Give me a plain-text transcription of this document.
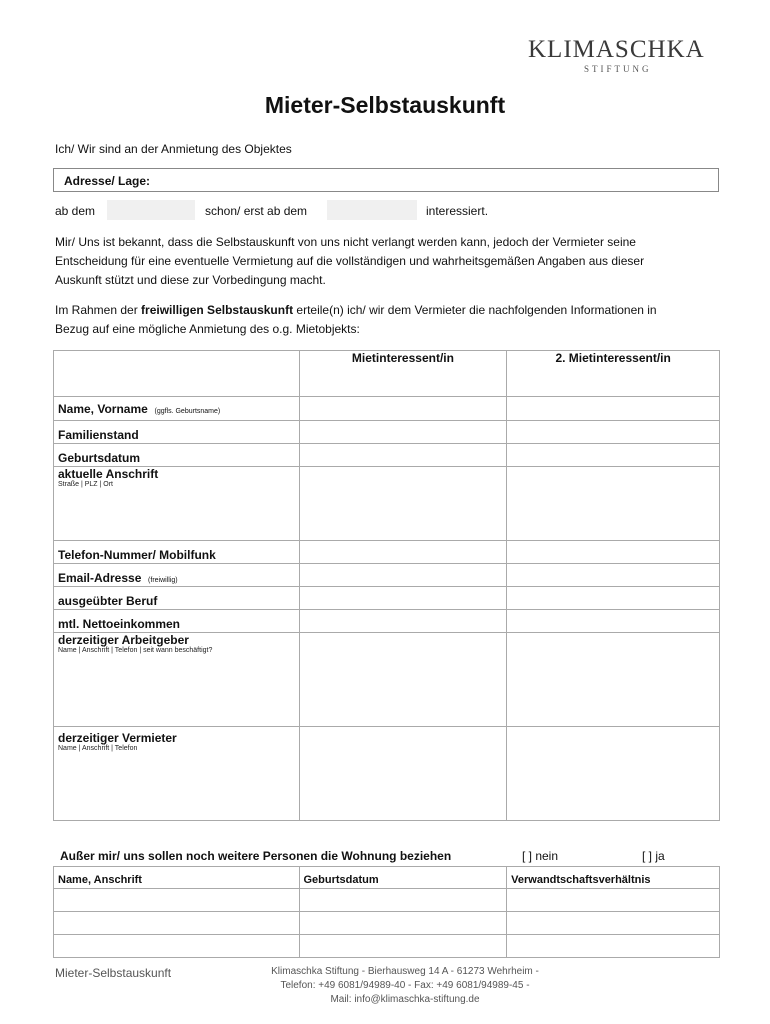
KLIMASCHKA
STIFTUNG
Mieter-Selbstauskunft
Ich/ Wir sind an der Anmietung des Objektes
Adresse/ Lage:
ab dem	schon/ erst ab dem	interessiert.
Mir/ Uns ist bekannt, dass die Selbstauskunft von uns nicht verlangt werden kann, jedoch der Vermieter seine
Entscheidung für eine eventuelle Vermietung auf die vollständigen und wahrheitsgemäßen Angaben aus dieser
Auskunft stützt und diese zur Vorbedingung macht.
Im Rahmen der freiwilligen Selbstauskunft erteile(n) ich/ wir dem Vermieter die nachfolgenden Informationen in
Bezug auf eine mögliche Anmietung des o.g. Mietobjekts:
	Mietinteressent/in	2. Mietinteressent/in

Name, Vorname (ggfls. Geburtsname)		

Familienstand		

Geburtsdatum		

aktuelle Anschrift
Straße | PLZ | Ort		

Telefon-Nummer/ Mobilfunk		

Email-Adresse (freiwillig)		

ausgeübter Beruf		

mtl. Nettoeinkommen		

derzeitiger Arbeitgeber
Name | Anschrift | Telefon | seit wann beschäftigt?		

derzeitiger Vermieter
Name | Anschrift | Telefon		

Außer mir/ uns sollen noch weitere Personen die Wohnung beziehen	[ ] nein	[ ] ja
Name, Anschrift	Geburtsdatum	Verwandtschaftsverhältnis

Mieter-Selbstauskunft	Klimaschka Stiftung - Bierhausweg 14 A - 61273 Wehrheim -
Telefon: +49 6081/94989-40 - Fax: +49 6081/94989-45 -
Mail: info@klimaschka-stiftung.de
